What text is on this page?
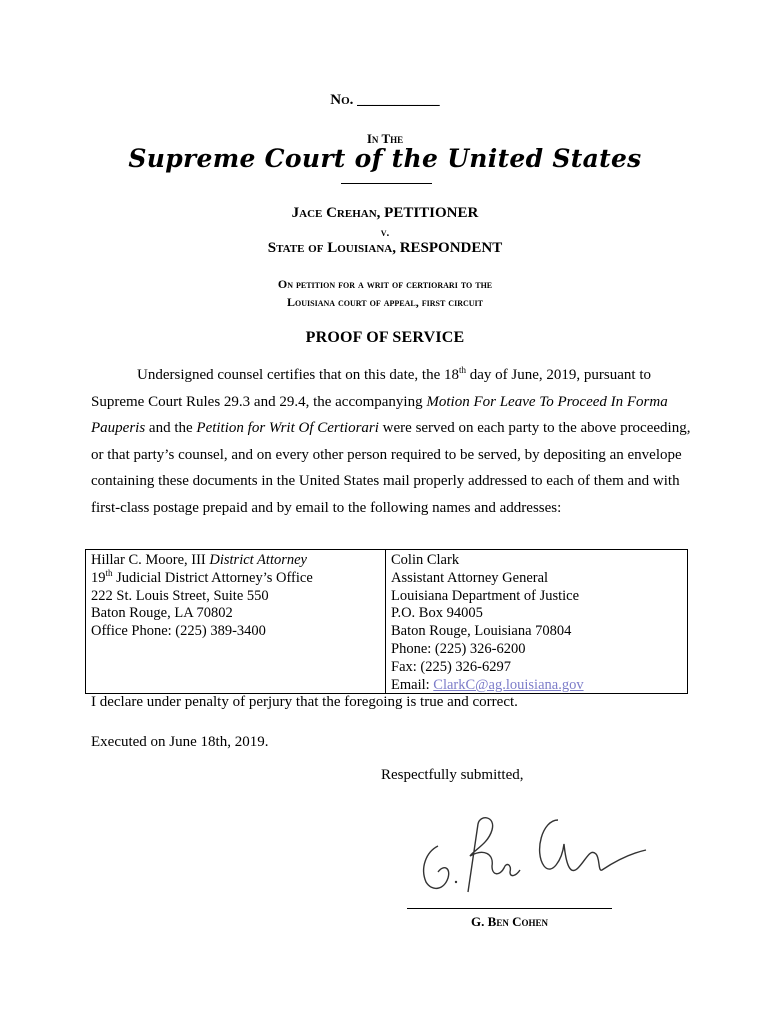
No. ___________
In The
Supreme Court of the United States
Jace Crehan, PETITIONER
v.
State of Louisiana, RESPONDENT
On petition for a writ of certiorari to the
Louisiana court of appeal, first circuit
PROOF OF SERVICE

Undersigned counsel certifies that on this date, the 18th day of June, 2019, pursuant to Supreme Court Rules 29.3 and 29.4, the accompanying Motion For Leave To Proceed In Forma Pauperis and the Petition for Writ Of Certiorari were served on each party to the above proceeding, or that party’s counsel, and on every other person required to be served, by depositing an envelope containing these documents in the United States mail properly addressed to each of them and with first-class postage prepaid and by email to the following names and addresses:

Hillar C. Moore, III District Attorney
19th Judicial District Attorney’s Office
222 St. Louis Street, Suite 550
Baton Rouge, LA 70802
Office Phone: (225) 389-3400
Colin Clark
Assistant Attorney General
Louisiana Department of Justice
P.O. Box 94005
Baton Rouge, Louisiana 70804
Phone: (225) 326-6200
Fax: (225) 326-6297
Email: ClarkC@ag.louisiana.gov
I declare under penalty of perjury that the foregoing is true and correct.
Executed on June 18th, 2019.
Respectfully submitted,
G. Ben Cohen
